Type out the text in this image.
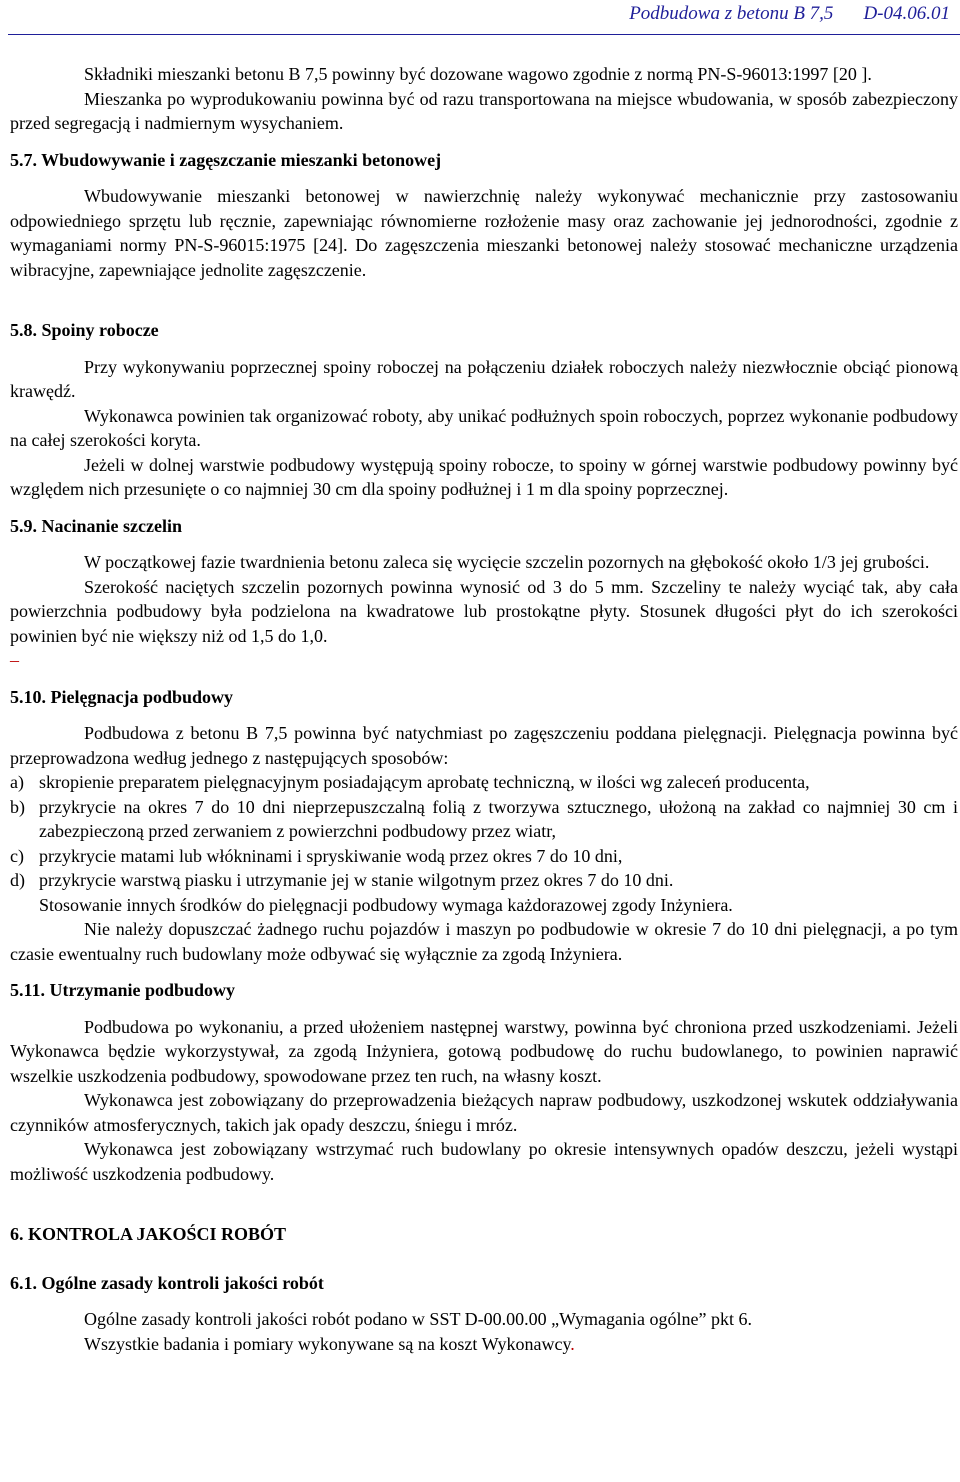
Podbudowa z betonu B 7,5 D-04.06.01

Składniki mieszanki betonu B 7,5 powinny być dozowane wagowo zgodnie z normą PN-S-96013:1997 [20 ].

Mieszanka po wyprodukowaniu powinna być od razu transportowana na miejsce wbudowania, w sposób zabezpieczony przed segregacją i nadmiernym wysychaniem.

5.7. Wbudowywanie i zagęszczanie mieszanki betonowej

Wbudowywanie mieszanki betonowej w nawierzchnię należy wykonywać mechanicznie przy zastosowaniu odpowiedniego sprzętu lub ręcznie, zapewniając równomierne rozłożenie masy oraz zachowanie jej jednorodności, zgodnie z wymaganiami normy PN-S-96015:1975 [24]. Do zagęszczenia mieszanki betonowej należy stosować mechaniczne urządzenia wibracyjne, zapewniające jednolite zagęszczenie.

5.8. Spoiny robocze

Przy wykonywaniu poprzecznej spoiny roboczej na połączeniu działek roboczych należy niezwłocznie obciąć pionową krawędź.

Wykonawca powinien tak organizować roboty, aby unikać podłużnych spoin roboczych, poprzez wykonanie podbudowy na całej szerokości koryta.

Jeżeli w dolnej warstwie podbudowy występują spoiny robocze, to spoiny w górnej warstwie podbudowy powinny być względem nich przesunięte o co najmniej 30 cm dla spoiny podłużnej i 1 m dla spoiny poprzecznej.

5.9. Nacinanie szczelin

W początkowej fazie twardnienia betonu zaleca się wycięcie szczelin pozornych na głębokość około 1/3 jej grubości.

Szerokość naciętych szczelin pozornych powinna wynosić od 3 do 5 mm. Szczeliny te należy wyciąć tak, aby cała powierzchnia podbudowy była podzielona na kwadratowe lub prostokątne płyty. Stosunek długości płyt do ich szerokości powinien być nie większy niż od 1,5 do 1,0.

–

5.10. Pielęgnacja podbudowy

Podbudowa z betonu B 7,5 powinna być natychmiast po zagęszczeniu poddana pielęgnacji. Pielęgnacja powinna być przeprowadzona według jednego z następujących sposobów:

a) skropienie preparatem pielęgnacyjnym posiadającym aprobatę techniczną, w ilości wg zaleceń producenta,
b) przykrycie na okres 7 do 10 dni nieprzepuszczalną folią z tworzywa sztucznego, ułożoną na zakład co najmniej 30 cm i zabezpieczoną przed zerwaniem z powierzchni podbudowy przez wiatr,
c) przykrycie matami lub włókninami i spryskiwanie wodą przez okres 7 do 10 dni,
d) przykrycie warstwą piasku i utrzymanie jej w stanie wilgotnym przez okres 7 do 10 dni.

Stosowanie innych środków do pielęgnacji podbudowy wymaga każdorazowej zgody Inżyniera.

Nie należy dopuszczać żadnego ruchu pojazdów i maszyn po podbudowie w okresie 7 do 10 dni pielęgnacji, a po tym czasie ewentualny ruch budowlany może odbywać się wyłącznie za zgodą Inżyniera.

5.11. Utrzymanie podbudowy

Podbudowa po wykonaniu, a przed ułożeniem następnej warstwy, powinna być chroniona przed uszkodzeniami. Jeżeli Wykonawca będzie wykorzystywał, za zgodą Inżyniera, gotową podbudowę do ruchu budowlanego, to powinien naprawić wszelkie uszkodzenia podbudowy, spowodowane przez ten ruch, na własny koszt.

Wykonawca jest zobowiązany do przeprowadzenia bieżących napraw podbudowy, uszkodzonej wskutek oddziaływania czynników atmosferycznych, takich jak opady deszczu, śniegu i mróz.

Wykonawca jest zobowiązany wstrzymać ruch budowlany po okresie intensywnych opadów deszczu, jeżeli wystąpi możliwość uszkodzenia podbudowy.

6. KONTROLA JAKOŚCI ROBÓT
6.1. Ogólne zasady kontroli jakości robót

Ogólne zasady kontroli jakości robót podano w SST D-00.00.00 „Wymagania ogólne” pkt 6.

Wszystkie badania i pomiary wykonywane są na koszt Wykonawcy.
